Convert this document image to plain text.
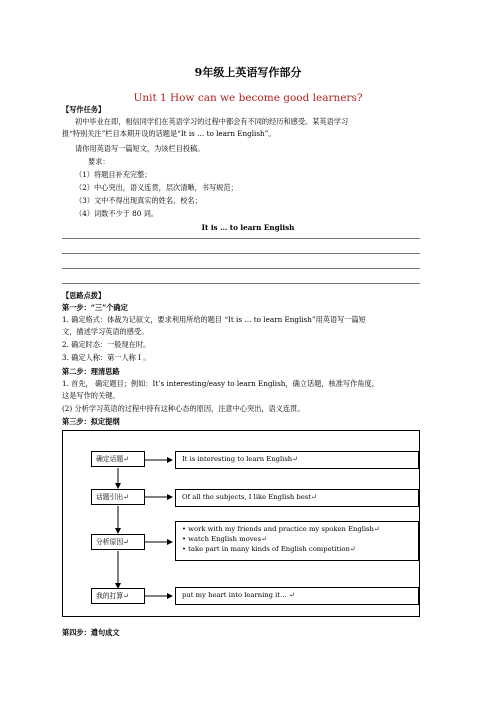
9年级上英语写作部分
Unit 1 How can we become good learners?
【写作任务】
初中毕业在即，相信同学们在英语学习的过程中都会有不同的经历和感受。某英语学习
报“特别关注”栏目本期开设的话题是“It is … to learn English”。
请你用英语写一篇短文，为该栏目投稿。
要求：
（1）将题目补充完整；
（2）中心突出，语义连贯，层次清晰，书写规范；
（3）文中不得出现真实的姓名、校名；
（4）词数不少于 80 词。
It is … to learn English
【思路点拨】
第一步：“三”个确定
1. 确定格式：体裁为记叙文，要求利用所给的题目 “It is … to learn English”用英语写一篇短
文，描述学习英语的感受。
2. 确定时态：一般现在时。
3. 确定人称：第一人称 I 。
第二步：理清思路
1. 首先， 确定题目；例如：It’s interesting/easy to learn English，确立话题，核准写作角度，
这是写作的关键。
(2) 分析学习英语的过程中持有这种心态的原因，注意中心突出，语义连贯。
第三步：拟定提纲
确定话题↵
话题引出↵
分析原因↵
我的打算↵
It is interesting to learn English↵
Of all the subjects, I like English best↵
• work with my friends and practice my spoken English↵
• watch English moves↵
• take part in many kinds of English competition↵
put my heart into learning it… ↵
第四步：遣句成文
